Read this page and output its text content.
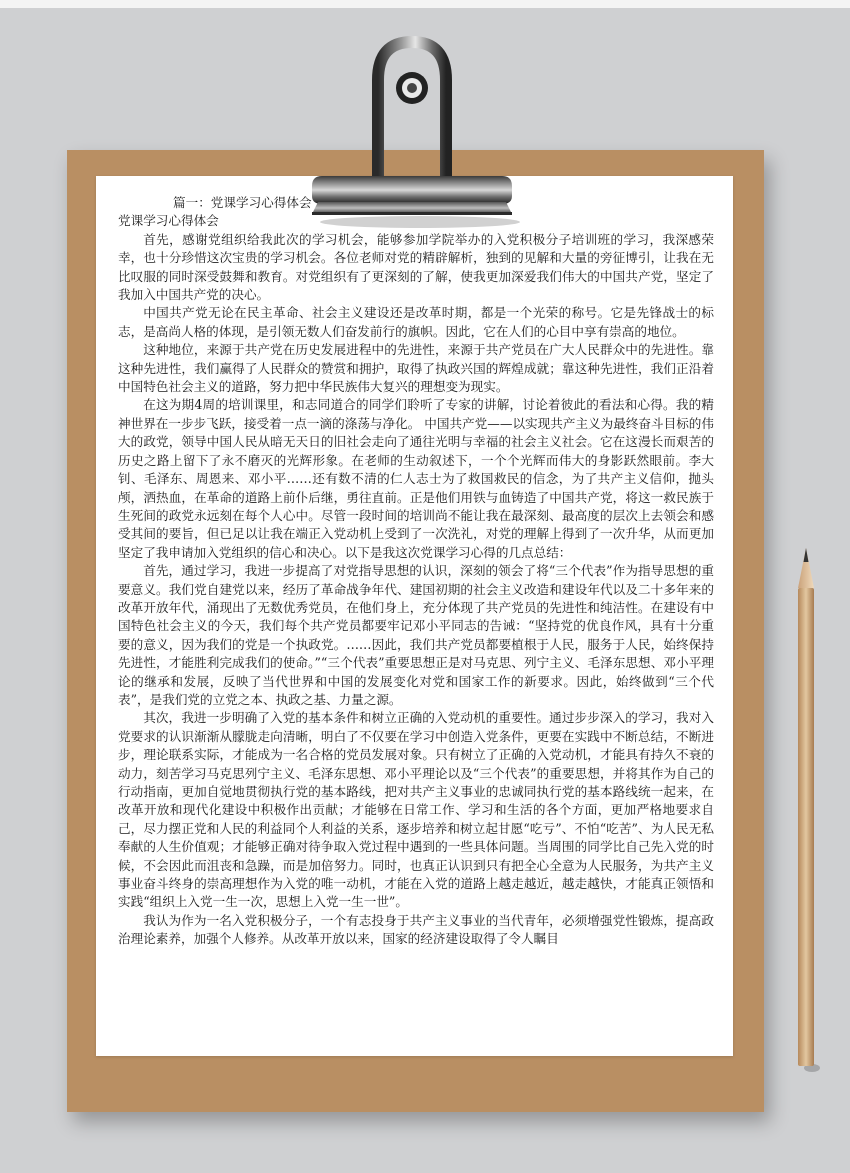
篇一：党课学习心得体会

党课学习心得体会

首先，感谢党组织给我此次的学习机会，能够参加学院举办的入党积极分子培训班的学习，我深感荣幸，也十分珍惜这次宝贵的学习机会。各位老师对党的精辟解析，独到的见解和大量的旁征博引，让我在无比叹服的同时深受鼓舞和教育。对党组织有了更深刻的了解，使我更加深爱我们伟大的中国共产党，坚定了我加入中国共产党的决心。

中国共产党无论在民主革命、社会主义建设还是改革时期，都是一个光荣的称号。它是先锋战士的标志，是高尚人格的体现，是引领无数人们奋发前行的旗帜。因此，它在人们的心目中享有崇高的地位。

这种地位，来源于共产党在历史发展进程中的先进性，来源于共产党员在广大人民群众中的先进性。靠这种先进性，我们赢得了人民群众的赞赏和拥护，取得了执政兴国的辉煌成就；靠这种先进性，我们正沿着中国特色社会主义的道路，努力把中华民族伟大复兴的理想变为现实。

在这为期4周的培训课里，和志同道合的同学们聆听了专家的讲解，讨论着彼此的看法和心得。我的精神世界在一步步飞跃，接受着一点一滴的涤荡与净化。 中国共产党——以实现共产主义为最终奋斗目标的伟大的政党，领导中国人民从暗无天日的旧社会走向了通往光明与幸福的社会主义社会。它在这漫长而艰苦的历史之路上留下了永不磨灭的光辉形象。在老师的生动叙述下，一个个光辉而伟大的身影跃然眼前。李大钊、毛泽东、周恩来、邓小平……还有数不清的仁人志士为了救国救民的信念，为了共产主义信仰，抛头颅，洒热血，在革命的道路上前仆后继，勇往直前。正是他们用铁与血铸造了中国共产党，将这一救民族于生死间的政党永远刻在每个人心中。尽管一段时间的培训尚不能让我在最深刻、最高度的层次上去领会和感受其间的要旨，但已足以让我在端正入党动机上受到了一次洗礼，对党的理解上得到了一次升华，从而更加坚定了我申请加入党组织的信心和决心。以下是我这次党课学习心得的几点总结：

首先，通过学习，我进一步提高了对党指导思想的认识，深刻的领会了将“三个代表”作为指导思想的重要意义。我们党自建党以来，经历了革命战争年代、建国初期的社会主义改造和建设年代以及二十多年来的改革开放年代，涌现出了无数优秀党员，在他们身上，充分体现了共产党员的先进性和纯洁性。在建设有中国特色社会主义的今天，我们每个共产党员都要牢记邓小平同志的告诫：“坚持党的优良作风，具有十分重要的意义，因为我们的党是一个执政党。……因此，我们共产党员都要植根于人民，服务于人民，始终保持先进性，才能胜利完成我们的使命。”“三个代表”重要思想正是对马克思、列宁主义、毛泽东思想、邓小平理论的继承和发展，反映了当代世界和中国的发展变化对党和国家工作的新要求。因此，始终做到“三个代表”，是我们党的立党之本、执政之基、力量之源。

其次，我进一步明确了入党的基本条件和树立正确的入党动机的重要性。通过步步深入的学习，我对入党要求的认识渐渐从朦胧走向清晰，明白了不仅要在学习中创造入党条件，更要在实践中不断总结，不断进步，理论联系实际，才能成为一名合格的党员发展对象。只有树立了正确的入党动机，才能具有持久不衰的动力，刻苦学习马克思列宁主义、毛泽东思想、邓小平理论以及“三个代表”的重要思想，并将其作为自己的行动指南，更加自觉地贯彻执行党的基本路线，把对共产主义事业的忠诚同执行党的基本路线统一起来，在改革开放和现代化建设中积极作出贡献；才能够在日常工作、学习和生活的各个方面，更加严格地要求自己，尽力摆正党和人民的利益同个人利益的关系，逐步培养和树立起甘愿“吃亏”、不怕“吃苦”、为人民无私奉献的人生价值观；才能够正确对待争取入党过程中遇到的一些具体问题。当周围的同学比自己先入党的时候，不会因此而沮丧和急躁，而是加倍努力。同时，也真正认识到只有把全心全意为人民服务，为共产主义事业奋斗终身的崇高理想作为入党的唯一动机，才能在入党的道路上越走越近，越走越快，才能真正领悟和实践“组织上入党一生一次，思想上入党一生一世”。

我认为作为一名入党积极分子，一个有志投身于共产主义事业的当代青年，必须增强党性锻炼，提高政治理论素养，加强个人修养。从改革开放以来，国家的经济建设取得了令人瞩目
